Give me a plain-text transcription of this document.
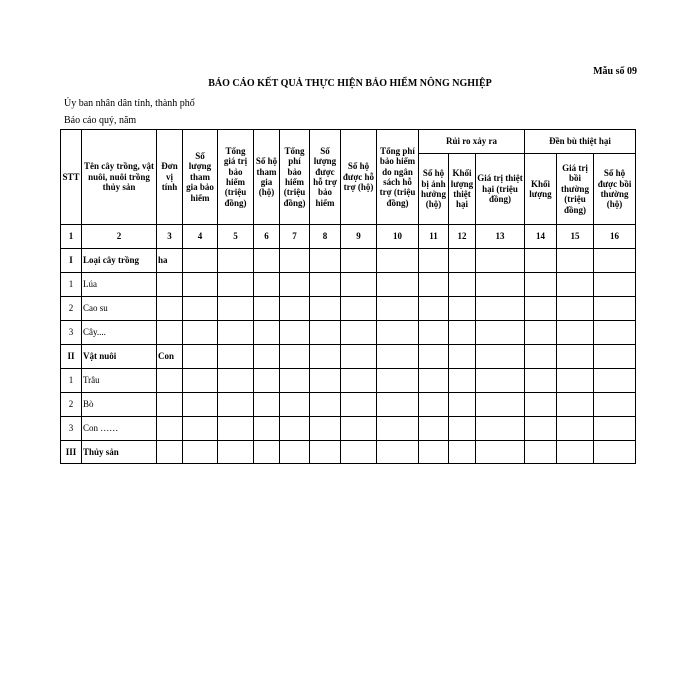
Mẫu số 09
BÁO CÁO KẾT QUẢ THỰC HIỆN BẢO HIỂM NÔNG NGHIỆP
Ủy ban nhân dân tỉnh, thành phố
Báo cáo quý, năm
STT	Tên cây trồng, vật nuôi, nuôi trồng thủy sản	Đơn vị tính	Số lượng tham gia bảo hiểm	Tổng giá trị bảo hiểm (triệu đồng)	Số hộ tham gia (hộ)	Tổng phí bảo hiểm (triệu đồng)	Số lượng được hỗ trợ bảo hiểm	Số hộ được hỗ trợ (hộ)	Tổng phí bảo hiểm do ngân sách hỗ trợ (triệu đồng)	Rủi ro xảy ra			Đền bù thiệt hại		
										Số hộ bị ảnh hưởng (hộ)	Khối lượng thiệt hại	Giá trị thiệt hại (triệu đồng)	Khối lượng	Giá trị bồi thường (triệu đồng)	Số hộ được bồi thường (hộ)
1	2	3	4	5	6	7	8	9	10	11	12	13	14	15	16
I	Loại cây trồng	ha													
1	Lúa														
2	Cao su														
3	Cây....														
II	Vật nuôi	Con													
1	Trâu														
2	Bò														
3	Con ……														
III	Thủy sản														
